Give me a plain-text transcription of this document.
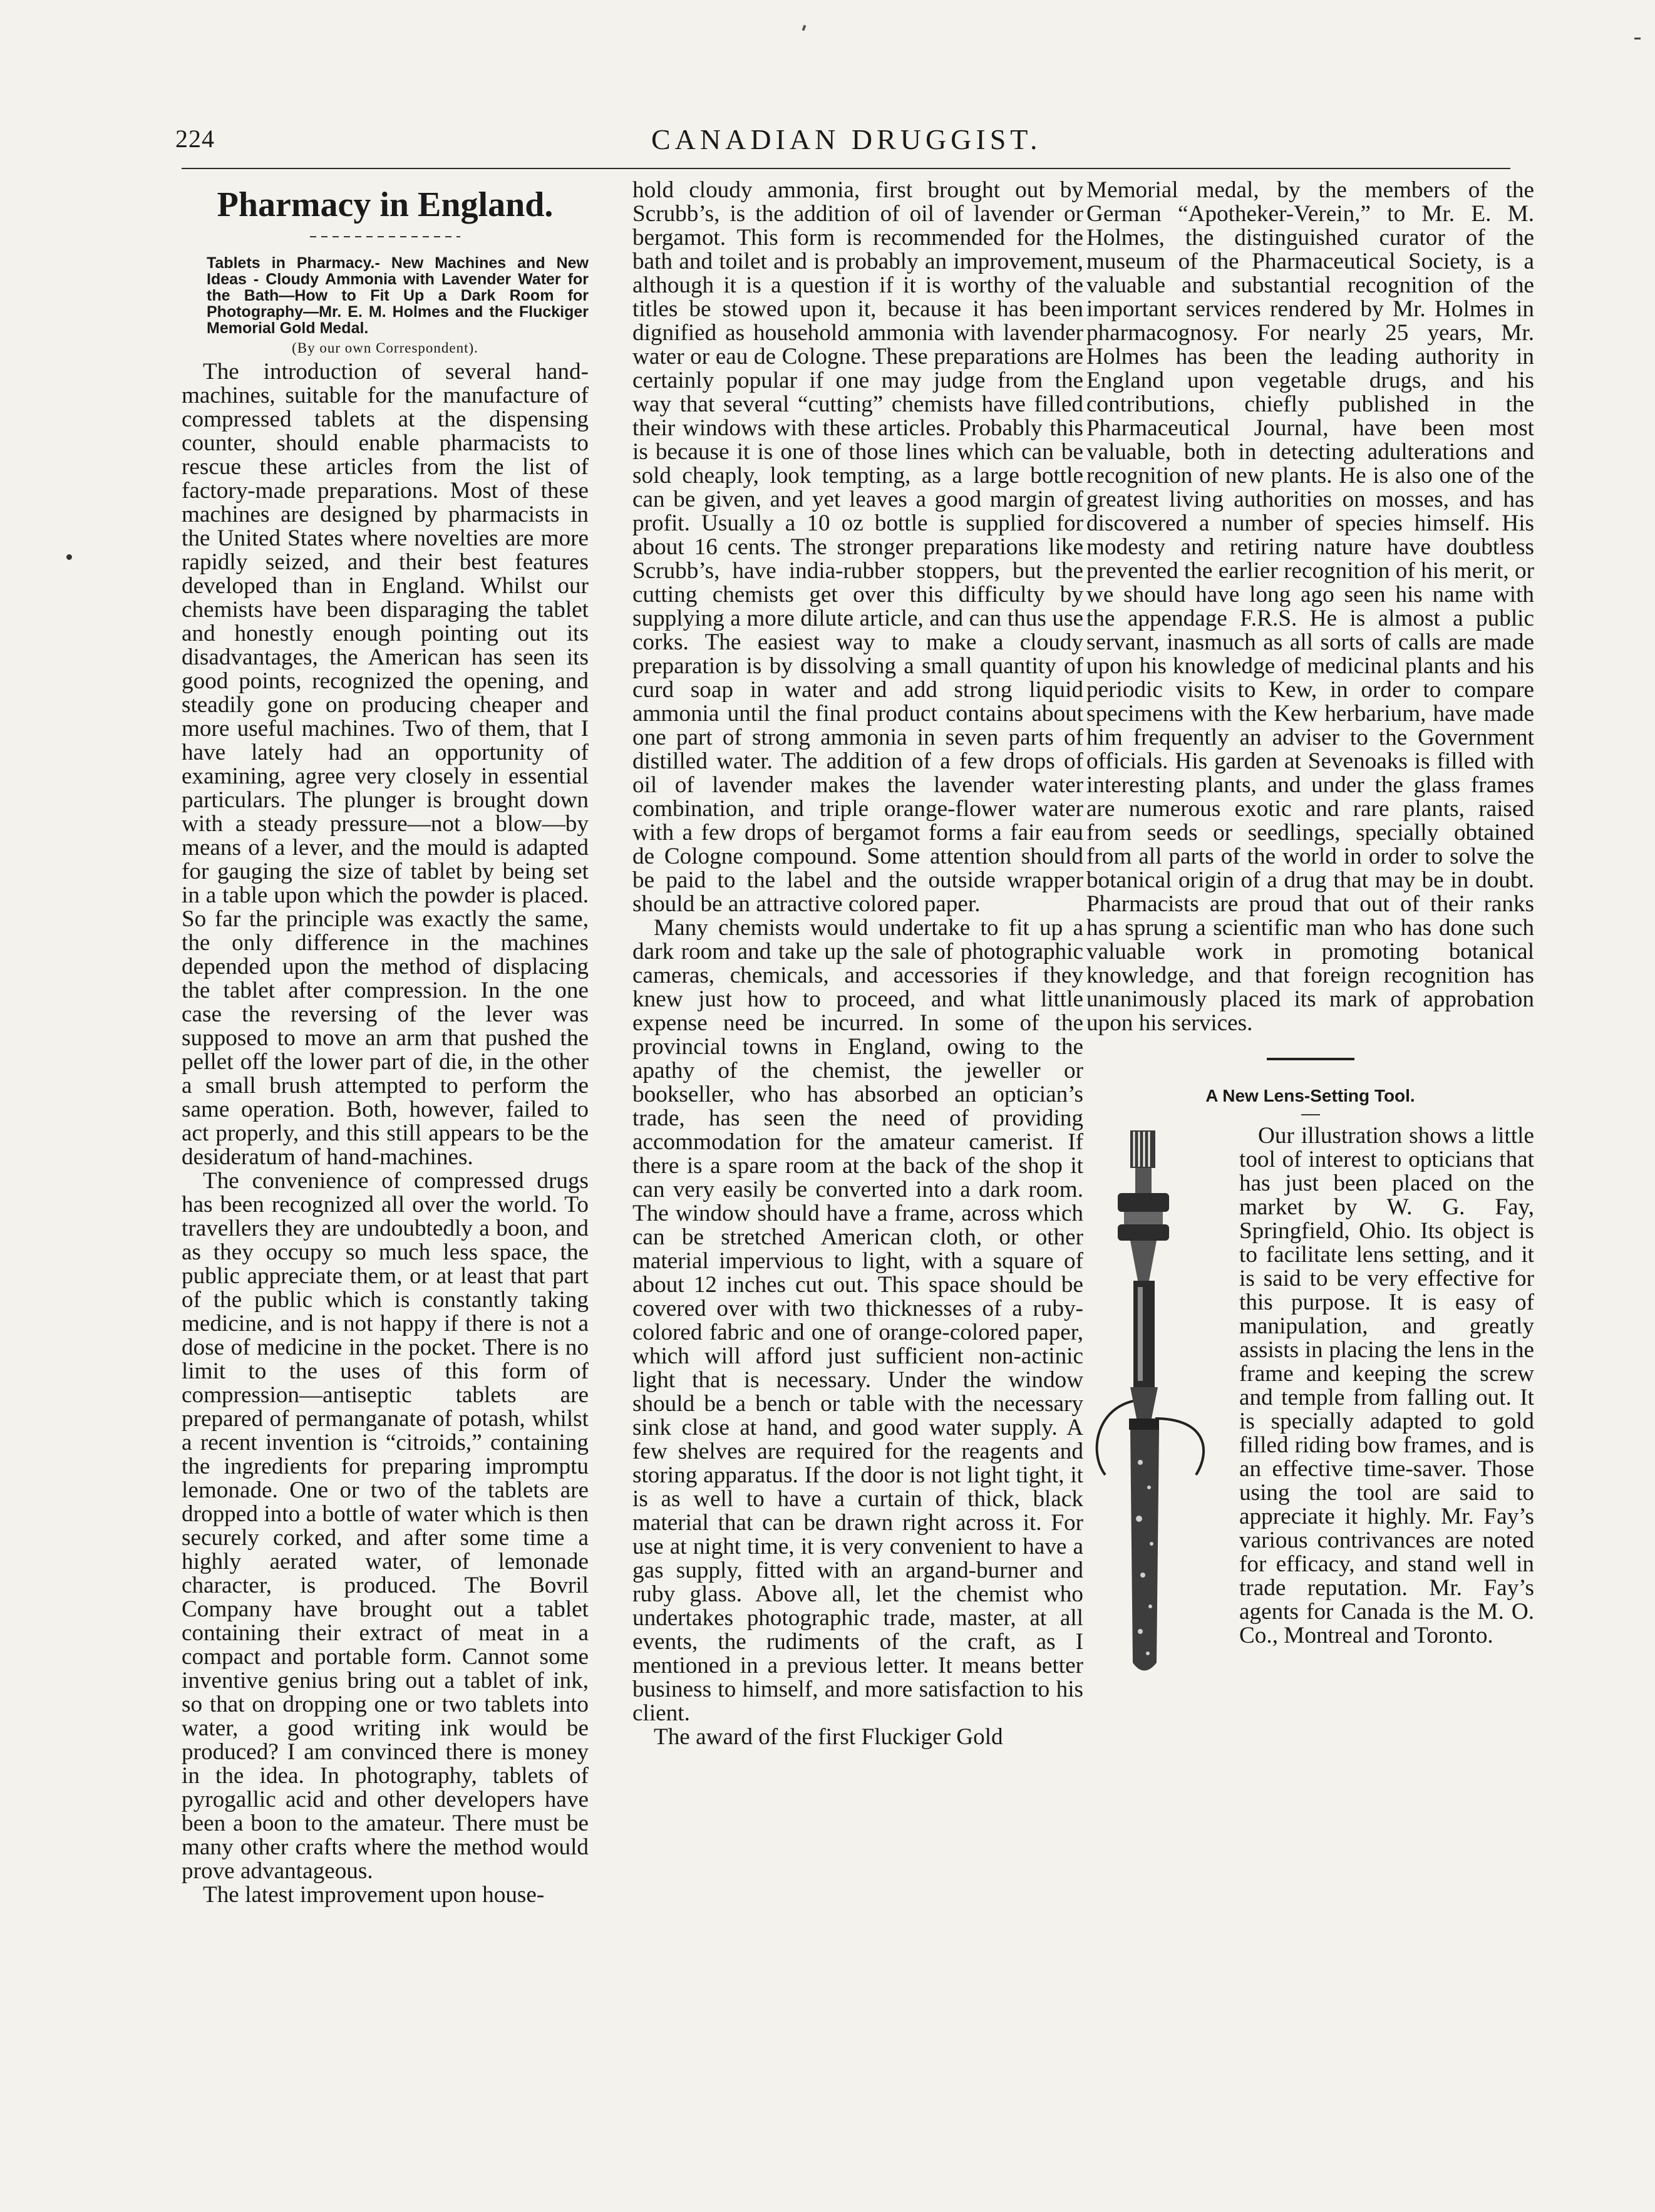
224	CANADIAN DRUGGIST.
Pharmacy in England.

Tablets in Pharmacy.- New Machines and New Ideas - Cloudy Ammonia with Lavender Water for the Bath—How to Fit Up a Dark Room for Photography—Mr. E. M. Holmes and the Fluckiger Memorial Gold Medal.

(By our own Correspondent).

The introduction of several hand-machines, suitable for the manufacture of compressed tablets at the dispensing counter, should enable pharmacists to rescue these articles from the list of factory-made preparations. Most of these machines are designed by pharmacists in the United States where novelties are more rapidly seized, and their best features developed than in England. Whilst our chemists have been disparaging the tablet and honestly enough pointing out its disadvantages, the American has seen its good points, recognized the opening, and steadily gone on producing cheaper and more useful machines. Two of them, that I have lately had an opportunity of examining, agree very closely in essential particulars. The plunger is brought down with a steady pressure—not a blow—by means of a lever, and the mould is adapted for gauging the size of tablet by being set in a table upon which the powder is placed. So far the principle was exactly the same, the only difference in the machines depended upon the method of displacing the tablet after compression. In the one case the reversing of the lever was supposed to move an arm that pushed the pellet off the lower part of die, in the other a small brush attempted to perform the same operation. Both, however, failed to act properly, and this still appears to be the desideratum of hand-machines.

The convenience of compressed drugs has been recognized all over the world. To travellers they are undoubtedly a boon, and as they occupy so much less space, the public appreciate them, or at least that part of the public which is constantly taking medicine, and is not happy if there is not a dose of medicine in the pocket. There is no limit to the uses of this form of compression—antiseptic tablets are prepared of permanganate of potash, whilst a recent invention is “citroids,” containing the ingredients for preparing impromptu lemonade. One or two of the tablets are dropped into a bottle of water which is then securely corked, and after some time a highly aerated water, of lemonade character, is produced. The Bovril Company have brought out a tablet containing their extract of meat in a compact and portable form. Cannot some inventive genius bring out a tablet of ink, so that on dropping one or two tablets into water, a good writing ink would be produced? I am convinced there is money in the idea. In photography, tablets of pyrogallic acid and other developers have been a boon to the amateur. There must be many other crafts where the method would prove advantageous.

The latest improvement upon house-

hold cloudy ammonia, first brought out by Scrubb’s, is the addition of oil of lavender or bergamot. This form is recommended for the bath and toilet and is probably an improvement, although it is a question if it is worthy of the titles be stowed upon it, because it has been dignified as household ammonia with lavender water or eau de Cologne. These preparations are certainly popular if one may judge from the way that several “cutting” chemists have filled their windows with these articles. Probably this is because it is one of those lines which can be sold cheaply, look tempting, as a large bottle can be given, and yet leaves a good margin of profit. Usually a 10 oz bottle is supplied for about 16 cents. The stronger preparations like Scrubb’s, have india-rubber stoppers, but the cutting chemists get over this difficulty by supplying a more dilute article, and can thus use corks. The easiest way to make a cloudy preparation is by dissolving a small quantity of curd soap in water and add strong liquid ammonia until the final product contains about one part of strong ammonia in seven parts of distilled water. The addition of a few drops of oil of lavender makes the lavender water combination, and triple orange-flower water with a few drops of bergamot forms a fair eau de Cologne compound. Some attention should be paid to the label and the outside wrapper should be an attractive colored paper.

Many chemists would undertake to fit up a dark room and take up the sale of photographic cameras, chemicals, and accessories if they knew just how to proceed, and what little expense need be incurred. In some of the provincial towns in England, owing to the apathy of the chemist, the jeweller or bookseller, who has absorbed an optician’s trade, has seen the need of providing accommodation for the amateur camerist. If there is a spare room at the back of the shop it can very easily be converted into a dark room. The window should have a frame, across which can be stretched American cloth, or other material impervious to light, with a square of about 12 inches cut out. This space should be covered over with two thicknesses of a ruby-colored fabric and one of orange-colored paper, which will afford just sufficient non-actinic light that is necessary. Under the window should be a bench or table with the necessary sink close at hand, and good water supply. A few shelves are required for the reagents and storing apparatus. If the door is not light tight, it is as well to have a curtain of thick, black material that can be drawn right across it. For use at night time, it is very convenient to have a gas supply, fitted with an argand-burner and ruby glass. Above all, let the chemist who undertakes photographic trade, master, at all events, the rudiments of the craft, as I mentioned in a previous letter. It means better business to himself, and more satisfaction to his client.

The award of the first Fluckiger Gold

Memorial medal, by the members of the German “Apotheker-Verein,” to Mr. E. M. Holmes, the distinguished curator of the museum of the Pharmaceutical Society, is a valuable and substantial recognition of the important services rendered by Mr. Holmes in pharmacognosy. For nearly 25 years, Mr. Holmes has been the leading authority in England upon vegetable drugs, and his contributions, chiefly published in the Pharmaceutical Journal, have been most valuable, both in detecting adulterations and recognition of new plants. He is also one of the greatest living authorities on mosses, and has discovered a number of species himself. His modesty and retiring nature have doubtless prevented the earlier recognition of his merit, or we should have long ago seen his name with the appendage F.R.S. He is almost a public servant, inasmuch as all sorts of calls are made upon his knowledge of medicinal plants and his periodic visits to Kew, in order to compare specimens with the Kew herbarium, have made him frequently an adviser to the Government officials. His garden at Sevenoaks is filled with interesting plants, and under the glass frames are numerous exotic and rare plants, raised from seeds or seedlings, specially obtained from all parts of the world in order to solve the botanical origin of a drug that may be in doubt. Pharmacists are proud that out of their ranks has sprung a scientific man who has done such valuable work in promoting botanical knowledge, and that foreign recognition has unanimously placed its mark of approbation upon his services.

A New Lens-Setting Tool.

Our illustration shows a little tool of interest to opticians that has just been placed on the market by W. G. Fay, Springfield, Ohio. Its object is to facilitate lens setting, and it is said to be very effective for this purpose. It is easy of manipulation, and greatly assists in placing the lens in the frame and keeping the screw and temple from falling out. It is specially adapted to gold filled riding bow frames, and is an effective time-saver. Those using the tool are said to appreciate it highly. Mr. Fay’s various contrivances are noted for efficacy, and stand well in trade reputation. Mr. Fay’s agents for Canada is the M. O. Co., Montreal and Toronto.
